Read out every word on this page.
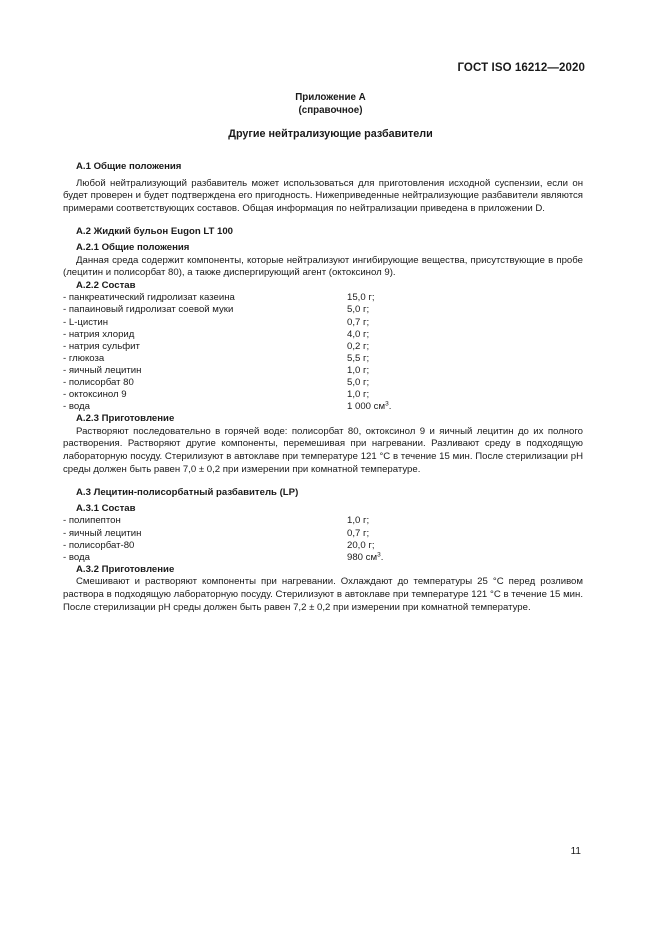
ГОСТ ISO 16212—2020
Приложение А
(справочное)
Другие нейтрализующие разбавители
А.1 Общие положения

Любой нейтрализующий разбавитель может использоваться для приготовления исходной суспензии, если он будет проверен и будет подтверждена его пригодность. Нижеприведенные нейтрализующие разбавители являются примерами соответствующих составов. Общая информация по нейтрализации приведена в приложении D.

А.2 Жидкий бульон Eugon LT 100
А.2.1 Общие положения

Данная среда содержит компоненты, которые нейтрализуют ингибирующие вещества, присутствующие в пробе (лецитин и полисорбат 80), а также диспергирующий агент (октоксинол 9).

А.2.2 Состав
- панкреатический гидролизат казеина	15,0 г;
- папаиновый гидролизат соевой муки	5,0 г;
- L-цистин	0,7 г;
- натрия хлорид	4,0 г;
- натрия сульфит	0,2 г;
- глюкоза	5,5 г;
- яичный лецитин	1,0 г;
- полисорбат 80	5,0 г;
- октоксинол 9	1,0 г;
- вода	1 000 $см^3$.
А.2.3 Приготовление

Растворяют последовательно в горячей воде: полисорбат 80, октоксинол 9 и яичный лецитин до их полного растворения. Растворяют другие компоненты, перемешивая при нагревании. Разливают среду в подходящую лабораторную посуду. Стерилизуют в автоклаве при температуре 121 °С в течение 15 мин. После стерилизации pH среды должен быть равен 7,0 ± 0,2 при измерении при комнатной температуре.

А.3 Лецитин-полисорбатный разбавитель (LP)
А.3.1 Состав
- полипептон	1,0 г;
- яичный лецитин	0,7 г;
- полисорбат-80	20,0 г;
- вода	980 $см^3$.
А.3.2 Приготовление

Смешивают и растворяют компоненты при нагревании. Охлаждают до температуры 25 °С перед розливом раствора в подходящую лабораторную посуду. Стерилизуют в автоклаве при температуре 121 °С в течение 15 мин. После стерилизации pH среды должен быть равен 7,2 ± 0,2 при измерении при комнатной температуре.

11
